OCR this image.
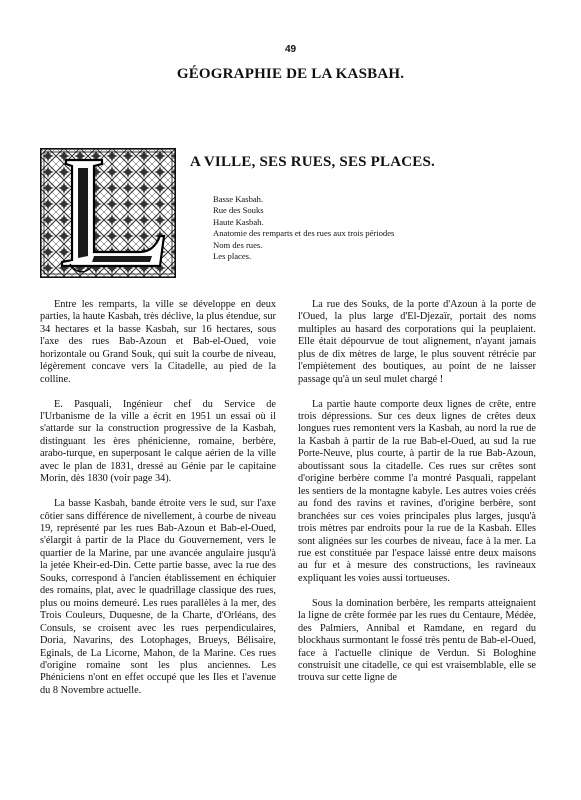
49
GÉOGRAPHIE DE LA KASBAH.
A VILLE, SES RUES, SES PLACES.
Basse Kasbah.
Rue des Souks
Haute Kasbah.
Anatomie des remparts et des rues aux trois périodes
Nom des rues.
Les places.

Entre les remparts, la ville se développe en deux parties, la haute Kasbah, très déclive, la plus étendue, sur 34 hectares et la basse Kasbah, sur 16 hectares, sous l'axe des rues Bab-Azoun et Bab-el-Oued, voie horizontale ou Grand Souk, qui suit la courbe de niveau, légèrement concave vers la Citadelle, au pied de la colline.

E. Pasquali, Ingénieur chef du Service de l'Urbanisme de la ville a écrit en 1951 un essai où il s'attarde sur la construction progressive de la Kasbah, distinguant les ères phénicienne, romaine, berbère, arabo-turque, en superposant le calque aérien de la ville avec le plan de 1831, dressé au Génie par le capitaine Morin, dès 1830 (voir page 34).

La basse Kasbah, bande étroite vers le sud, sur l'axe côtier sans différence de nivellement, à courbe de niveau 19, représenté par les rues Bab-Azoun et Bab-el-Oued, s'élargit à partir de la Place du Gouvernement, vers le quartier de la Marine, par une avancée angulaire jusqu'à la jetée Kheir-ed-Din. Cette partie basse, avec la rue des Souks, correspond à l'ancien établissement en échiquier des romains, plat, avec le quadrillage classique des rues, plus ou moins demeuré. Les rues parallèles à la mer, des Trois Couleurs, Duquesne, de la Charte, d'Orléans, des Consuls, se croisent avec les rues perpendiculaires, Doria, Navarins, des Lotophages, Brueys, Bélisaire, Eginals, de La Licorne, Mahon, de la Marine. Ces rues d'origine romaine sont les plus anciennes. Les Phéniciens n'ont en effet occupé que les Iles et l'avenue du 8 Novembre actuelle.

La rue des Souks, de la porte d'Azoun à la porte de l'Oued, la plus large d'El-Djezaïr, portait des noms multiples au hasard des corporations qui la peuplaient. Elle était dépourvue de tout alignement, n'ayant jamais plus de dix mètres de large, le plus souvent rétrécie par l'empiètement des boutiques, au point de ne laisser passage qu'à un seul mulet chargé !

La partie haute comporte deux lignes de crête, entre trois dépressions. Sur ces deux lignes de crêtes deux longues rues remontent vers la Kasbah, au nord la rue de la Kasbah à partir de la rue Bab-el-Oued, au sud la rue Porte-Neuve, plus courte, à partir de la rue Bab-Azoun, aboutissant sous la citadelle. Ces rues sur crêtes sont d'origine berbère comme l'a montré Pasquali, rappelant les sentiers de la montagne kabyle. Les autres voies créés au fond des ravins et ravines, d'origine berbère, sont branchées sur ces voies principales plus larges, jusqu'à trois mètres par endroits pour la rue de la Kasbah. Elles sont alignées sur les courbes de niveau, face à la mer. La rue est constituée par l'espace laissé entre deux maisons au fur et à mesure des constructions, les ravineaux expliquant les voies aussi tortueuses.

Sous la domination berbère, les remparts atteignaient la ligne de crête formée par les rues du Centaure, Médée, des Palmiers, Annibal et Ramdane, en regard du blockhaus surmontant le fossé très pentu de Bab-el-Oued, face à l'actuelle clinique de Verdun. Si Bologhine construisit une citadelle, ce qui est vraisemblable, elle se trouva sur cette ligne de
